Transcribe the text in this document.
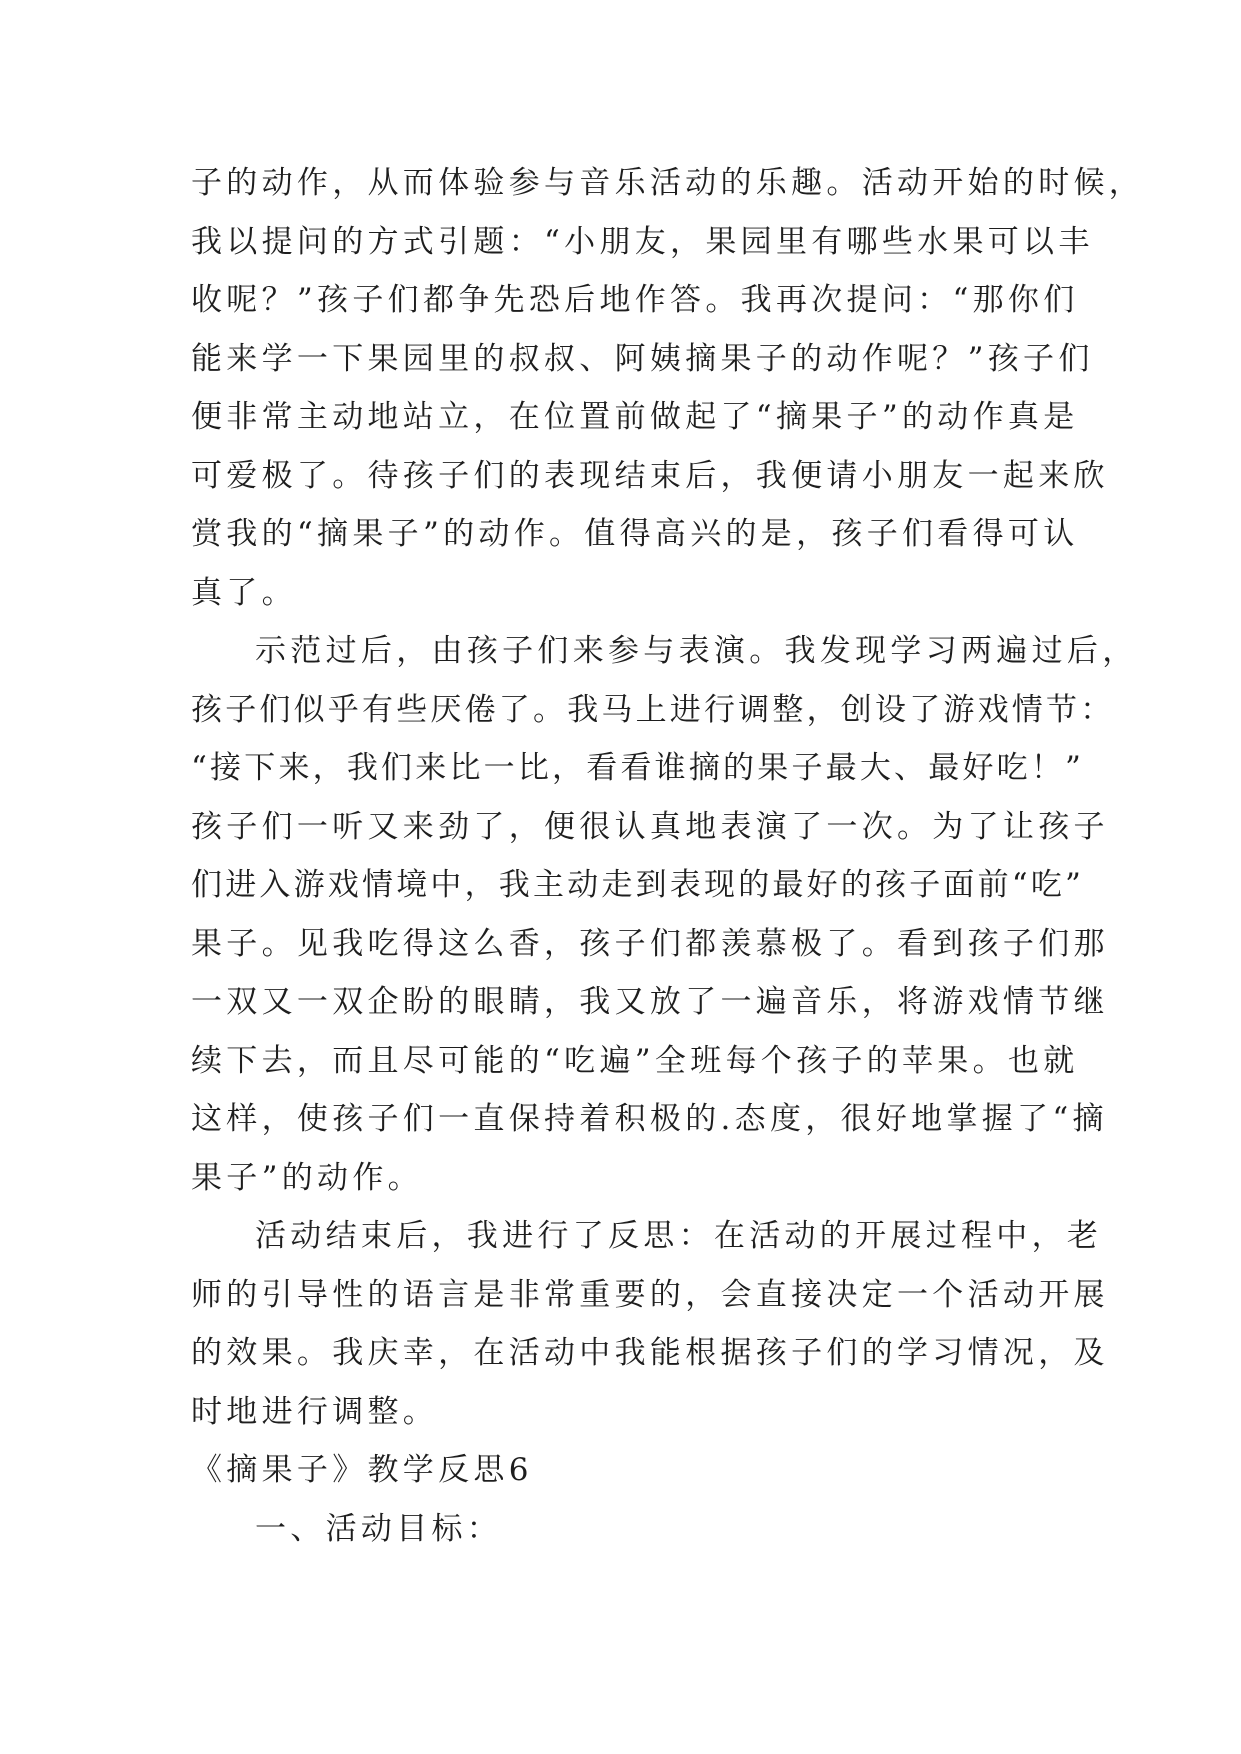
子的动作，从而体验参与音乐活动的乐趣。活动开始的时候，
我以提问的方式引题：“小朋友，果园里有哪些水果可以丰
收呢？”孩子们都争先恐后地作答。我再次提问：“那你们
能来学一下果园里的叔叔、阿姨摘果子的动作呢？”孩子们
便非常主动地站立，在位置前做起了“摘果子”的动作真是
可爱极了。待孩子们的表现结束后，我便请小朋友一起来欣
赏我的“摘果子”的动作。值得高兴的是，孩子们看得可认
真了。
示范过后，由孩子们来参与表演。我发现学习两遍过后，
孩子们似乎有些厌倦了。我马上进行调整，创设了游戏情节：
“接下来，我们来比一比，看看谁摘的果子最大、最好吃！”
孩子们一听又来劲了，便很认真地表演了一次。为了让孩子
们进入游戏情境中，我主动走到表现的最好的孩子面前“吃”
果子。见我吃得这么香，孩子们都羡慕极了。看到孩子们那
一双又一双企盼的眼睛，我又放了一遍音乐，将游戏情节继
续下去，而且尽可能的“吃遍”全班每个孩子的苹果。也就
这样，使孩子们一直保持着积极的.态度，很好地掌握了“摘
果子”的动作。
活动结束后，我进行了反思：在活动的开展过程中，老
师的引导性的语言是非常重要的，会直接决定一个活动开展
的效果。我庆幸，在活动中我能根据孩子们的学习情况，及
时地进行调整。
《摘果子》教学反思6
一、活动目标：
